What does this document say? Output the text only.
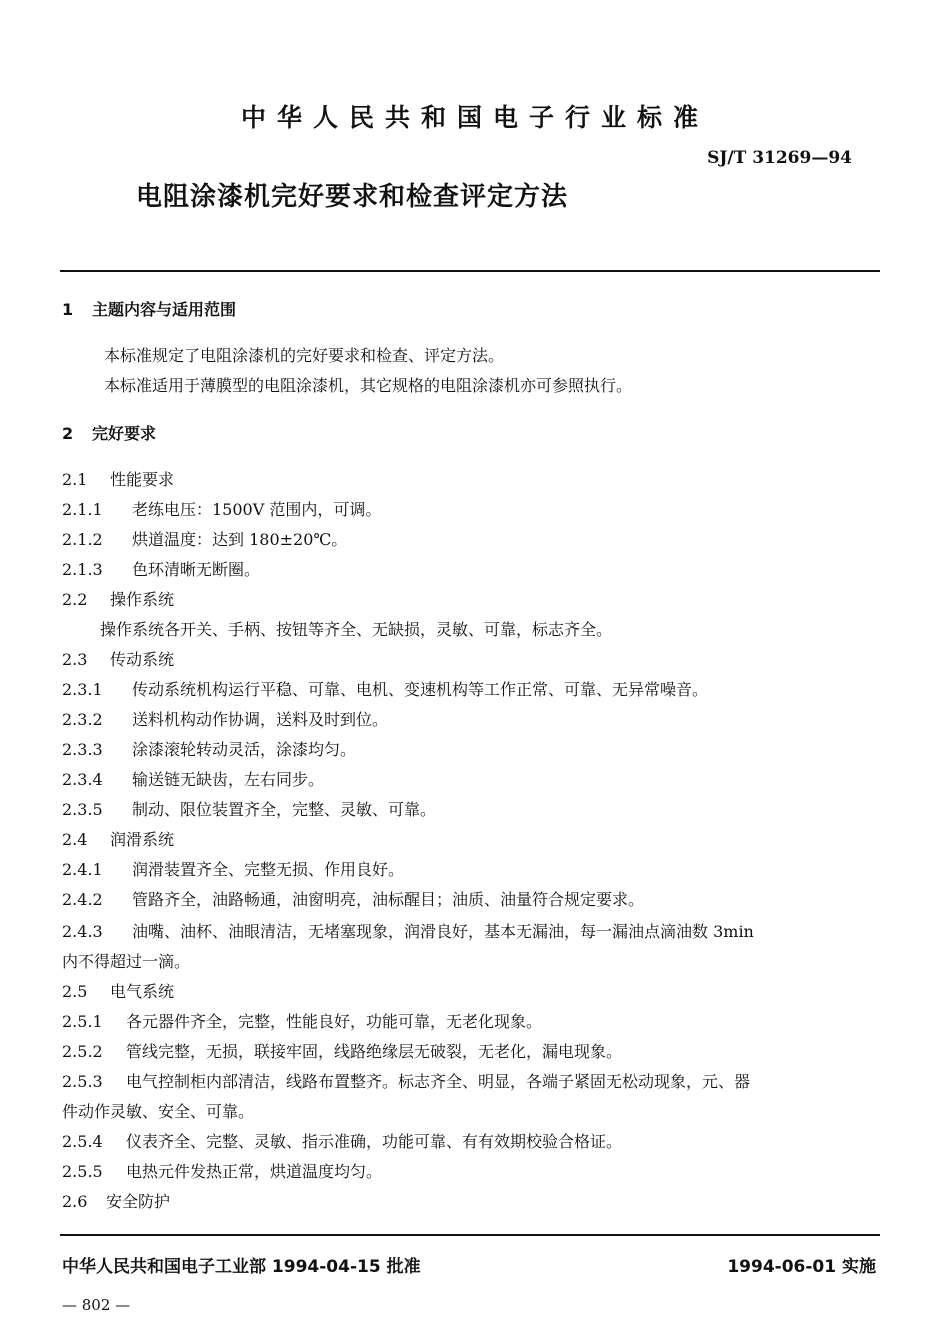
中华人民共和国电子行业标准
SJ/T 31269—94
电阻涂漆机完好要求和检查评定方法
1 主题内容与适用范围
本标准规定了电阻涂漆机的完好要求和检查、评定方法。
本标准适用于薄膜型的电阻涂漆机，其它规格的电阻涂漆机亦可参照执行。
2 完好要求
2.1 性能要求
2.1.1 老练电压：1500V 范围内，可调。
2.1.2 烘道温度：达到 180±20℃。
2.1.3 色环清晰无断圈。
2.2 操作系统
操作系统各开关、手柄、按钮等齐全、无缺损，灵敏、可靠，标志齐全。
2.3 传动系统
2.3.1 传动系统机构运行平稳、可靠、电机、变速机构等工作正常、可靠、无异常噪音。
2.3.2 送料机构动作协调，送料及时到位。
2.3.3 涂漆滚轮转动灵活，涂漆均匀。
2.3.4 输送链无缺齿，左右同步。
2.3.5 制动、限位装置齐全，完整、灵敏、可靠。
2.4 润滑系统
2.4.1 润滑装置齐全、完整无损、作用良好。
2.4.2 管路齐全，油路畅通，油窗明亮，油标醒目；油质、油量符合规定要求。
2.4.3 油嘴、油杯、油眼清洁，无堵塞现象，润滑良好，基本无漏油，每一漏油点滴油数 3min
内不得超过一滴。
2.5 电气系统
2.5.1 各元器件齐全，完整，性能良好，功能可靠，无老化现象。
2.5.2 管线完整，无损，联接牢固，线路绝缘层无破裂，无老化，漏电现象。
2.5.3 电气控制柜内部清洁，线路布置整齐。标志齐全、明显，各端子紧固无松动现象，元、器
件动作灵敏、安全、可靠。
2.5.4 仪表齐全、完整、灵敏、指示准确，功能可靠、有有效期校验合格证。
2.5.5 电热元件发热正常，烘道温度均匀。
2.6 安全防护
中华人民共和国电子工业部 1994-04-15 批准	1994-06-01 实施
— 802 —
